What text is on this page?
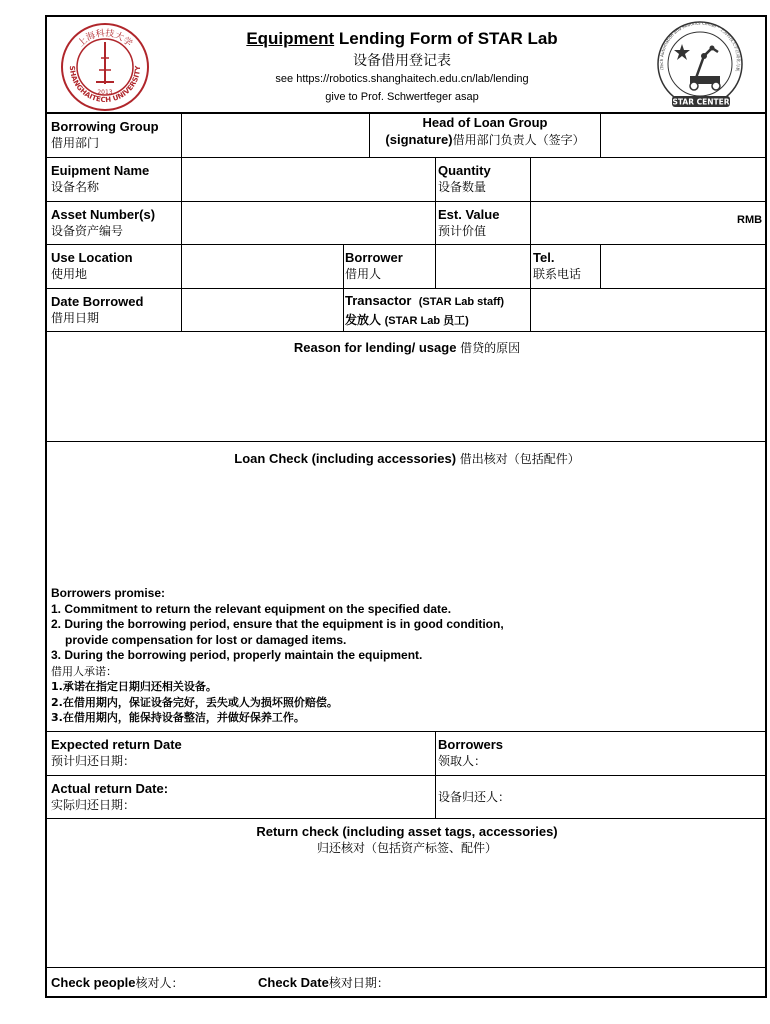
SHANGHAITECH UNIVERSITY
上海科技大学
2013
Equipment Lending Form of STAR Lab
设备借用登记表
see https://robotics.shanghaitech.edu.cn/lab/lending
give to Prof. Schwertfeger asap
iTech Automation and Robotics Center · 上海科技大学自动化与机
STAR CENTER
Borrowing Group
借用部门
Head of Loan Group
(signature)借用部门负责人（签字）
Euipment Name
设备名称
Quantity
设备数量
Asset Number(s)
设备资产编号
Est. Value
预计价值
RMB
Use Location
使用地
Borrower
借用人
Tel.
联系电话
Date Borrowed
借用日期
Transactor (STAR Lab staff)
发放人 (STAR Lab 员工)
Reason for lending/ usage 借贷的原因
Loan Check (including accessories) 借出核对（包括配件）
Borrowers promise:
1. Commitment to return the relevant equipment on the specified date.
2. During the borrowing period, ensure that the equipment is in good condition,
provide compensation for lost or damaged items.
3. During the borrowing period, properly maintain the equipment.
借用人承诺：
1.承诺在指定日期归还相关设备。
2.在借用期内，保证设备完好，丢失或人为损坏照价赔偿。
3.在借用期内，能保持设备整洁，并做好保养工作。
Expected return Date
预计归还日期：
Borrowers
领取人：
Actual return Date:
实际归还日期：
设备归还人：
Return check (including asset tags, accessories)
归还核对（包括资产标签、配件）
Check people核对人：	Check Date核对日期：
